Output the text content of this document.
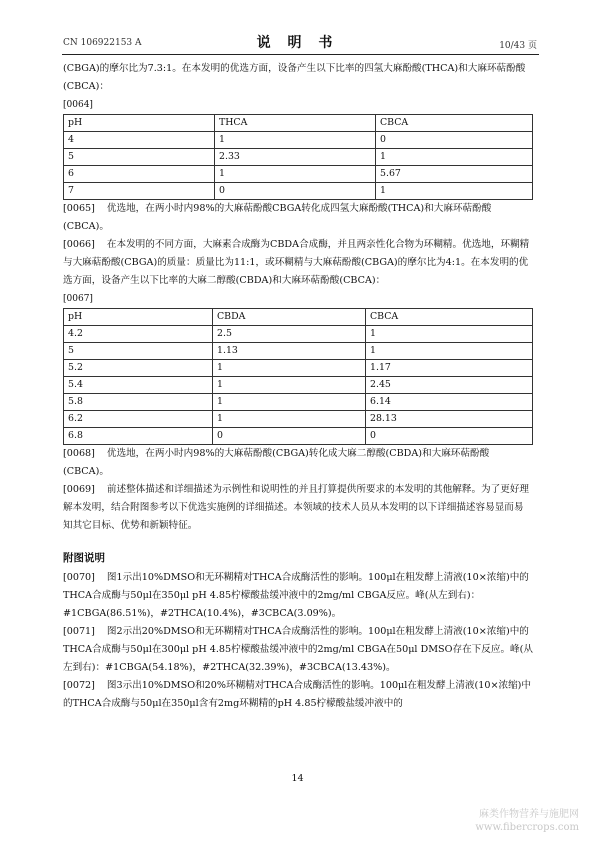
CN 106922153 A	说 明 书	10/43 页

(CBGA)的摩尔比为7.3:1。在本发明的优选方面，设备产生以下比率的四氢大麻酚酸(THCA)和大麻环萜酚酸(CBCA)：

[0064]

pH	THCA	CBCA
4	1	0
5	2.33	1
6	1	5.67
7	0	1

[0065] 优选地，在两小时内98%的大麻萜酚酸CBGA转化成四氢大麻酚酸(THCA)和大麻环萜酚酸(CBCA)。

[0066] 在本发明的不同方面，大麻素合成酶为CBDA合成酶，并且两亲性化合物为环糊精。优选地，环糊精与大麻萜酚酸(CBGA)的质量：质量比为11:1，或环糊精与大麻萜酚酸(CBGA)的摩尔比为4:1。在本发明的优选方面，设备产生以下比率的大麻二醇酸(CBDA)和大麻环萜酚酸(CBCA)：

[0067]

pH	CBDA	CBCA
4.2	2.5	1
5	1.13	1
5.2	1	1.17
5.4	1	2.45
5.8	1	6.14
6.2	1	28.13
6.8	0	0

[0068] 优选地，在两小时内98%的大麻萜酚酸(CBGA)转化成大麻二醇酸(CBDA)和大麻环萜酚酸(CBCA)。

[0069] 前述整体描述和详细描述为示例性和说明性的并且打算提供所要求的本发明的其他解释。为了更好理解本发明，结合附图参考以下优选实施例的详细描述。本领域的技术人员从本发明的以下详细描述容易显而易知其它目标、优势和新颖特征。

附图说明

[0070] 图1示出10%DMSO和无环糊精对THCA合成酶活性的影响。100μl在粗发酵上清液(10×浓缩)中的THCA合成酶与50μl在350μl pH 4.85柠檬酸盐缓冲液中的2mg/ml CBGA反应。峰(从左到右)：#1CBGA(86.51%)，#2THCA(10.4%)，#3CBCA(3.09%)。

[0071] 图2示出20%DMSO和无环糊精对THCA合成酶活性的影响。100μl在粗发酵上清液(10×浓缩)中的THCA合成酶与50μl在300μl pH 4.85柠檬酸盐缓冲液中的2mg/ml CBGA在50μl DMSO存在下反应。峰(从左到右)：#1CBGA(54.18%)，#2THCA(32.39%)，#3CBCA(13.43%)。

[0072] 图3示出10%DMSO和20%环糊精对THCA合成酶活性的影响。100μl在粗发酵上清液(10×浓缩)中的THCA合成酶与50μl在350μl含有2mg环糊精的pH 4.85柠檬酸盐缓冲液中的

14
麻类作物营养与施肥网
www.fibercrops.com
